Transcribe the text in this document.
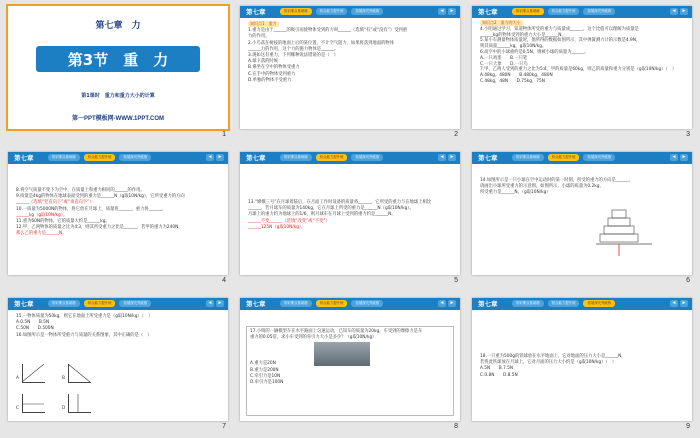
第七章　力
第3节　重　力
第1课时　重力和重力大小的计算
第一PPT模板网-WWW.1PPT.COM
1
第七章	知识要点基础练	综合能力提升练	拓展探究突破练	◄	►
知识点1　重力
1.重力是由于______的吸引而使物体受到的力叫______（选填“有”或“没有”）受到重
力的作用。
2.小鸟落在树枝的地面上后的某位置，不计空气阻力，如果将落到地面的物体
______力的作用，这个力的施力物体是______。
3.现如这有重力，下列哪种说法错误的是（　）
A.球下落的时候
B.乘坐在空中的物体受重力
C.在手中的物体受到重力
D.单独的物体不受重力
2
第七章	知识要点基础练	综合能力提升练	拓展探究突破练	◄	►
知识点2　重力的大小
4.小明通过学习，知道物体所受的重力与质量成______，这个比值可以理解为质量是
______kg的物体受到的重力大小是______N。
5.某小车测量物体质量时，他所得的数据如图所示，其中弹簧测力计的示数是4.9N，
则其质量______kg，g取10N/kg。
6.高空中的小球重约是0.5N，则被小球的质量为______。
A.一只鸡蛋　　B.一只笔
C.一只大象　　D.一只鸟
7.甲、乙两人受到的重力之比为5∶4，甲的质量是60kg，则乙的质量和重力分别是（g取10N/kg）（　）
A.48kg，480N　　B.480kg，480N
C.48kg，48N　　D.75kg，75N
3
第七章	知识要点基础练	综合能力提升练	拓展探究突破练	◄	►
8.将空气质量不变下为空中，在质量上和重力相同的______的作用。
9.质量是4kg的物体在地球表面受到的重力是______N（g取10N/kg），它所受重力的方向
______（选填“竖直向下”或“垂直向下”）
10.一质量为5000N的物体，将它放在月球上，质量将______，重力将______。
______kg（g取10N/kg）。
11.重为60N的物体，它的质量大约是______kg。
12.甲、乙两物体的质量之比为4∶3，则其所受重力之比是______，若甲的重力为240N，
那么乙的重力是______N。
4
第七章	知识要点基础练	综合能力提升练	拓展探究突破练	◄	►
13.“嫦娥三号”在月球着陆后，在月面工作时设备的质量将______，它所受的重力与在地球上相比
______，若月球车的质量为140kg，它在月球上所受的重力是______N（g取10N/kg）。
月球上的重力约为地球上的1/6，则月球车在月球上受到的重力约是______N。
______不变______（选填“改变”或“不变”）
______125N（g取10N/kg）。
5
第七章	知识要点基础练	综合能力提升练	拓展探究突破练	◄	►
14.如图所示是一只小球在空中运动时的某一时刻，所受的重力的方向是______，
请画出小球所受重力的示意图，如图所示，小球的质量为0.2kg，
所受重力是______N。（g取10N/kg）
6
第七章	知识要点基础练	综合能力提升练	拓展探究突破练	◄	►
15.一物体质量为50kg，则它在地面上所受重力是（g取10N/kg）（　）
A.0.5N　　B.5N
C.50N　　D.500N
16.如图所示是一物体所受重力与质量的关系图象，其中正确的是（　）
A	B
C	D
7
第七章	知识要点基础练	综合能力提升练	拓展探究突破练	◄	►
17.小明的一辆模型车在水平路面上匀速运动，已知车的质量为20kg，车受到的摩擦力是车
重力的0.05倍，求小车受到的牵引力大小是多少？（g取10N/kg）
A.重力是20N
B.重力是200N
C.牵引力是10N
D.牵引力是100N
8
第七章	知识要点基础练	综合能力提升练	拓展探究突破练	◄	►
18.一只重为500g的铁球放在水平地面上，它对地面的压力大小是______N，
若将此铁球放在月球上，它对月面的压力大小约是（g取10N/kg）（　）
A.5N　　B.7.5N
C.0.8N　　D.8.5N
9
